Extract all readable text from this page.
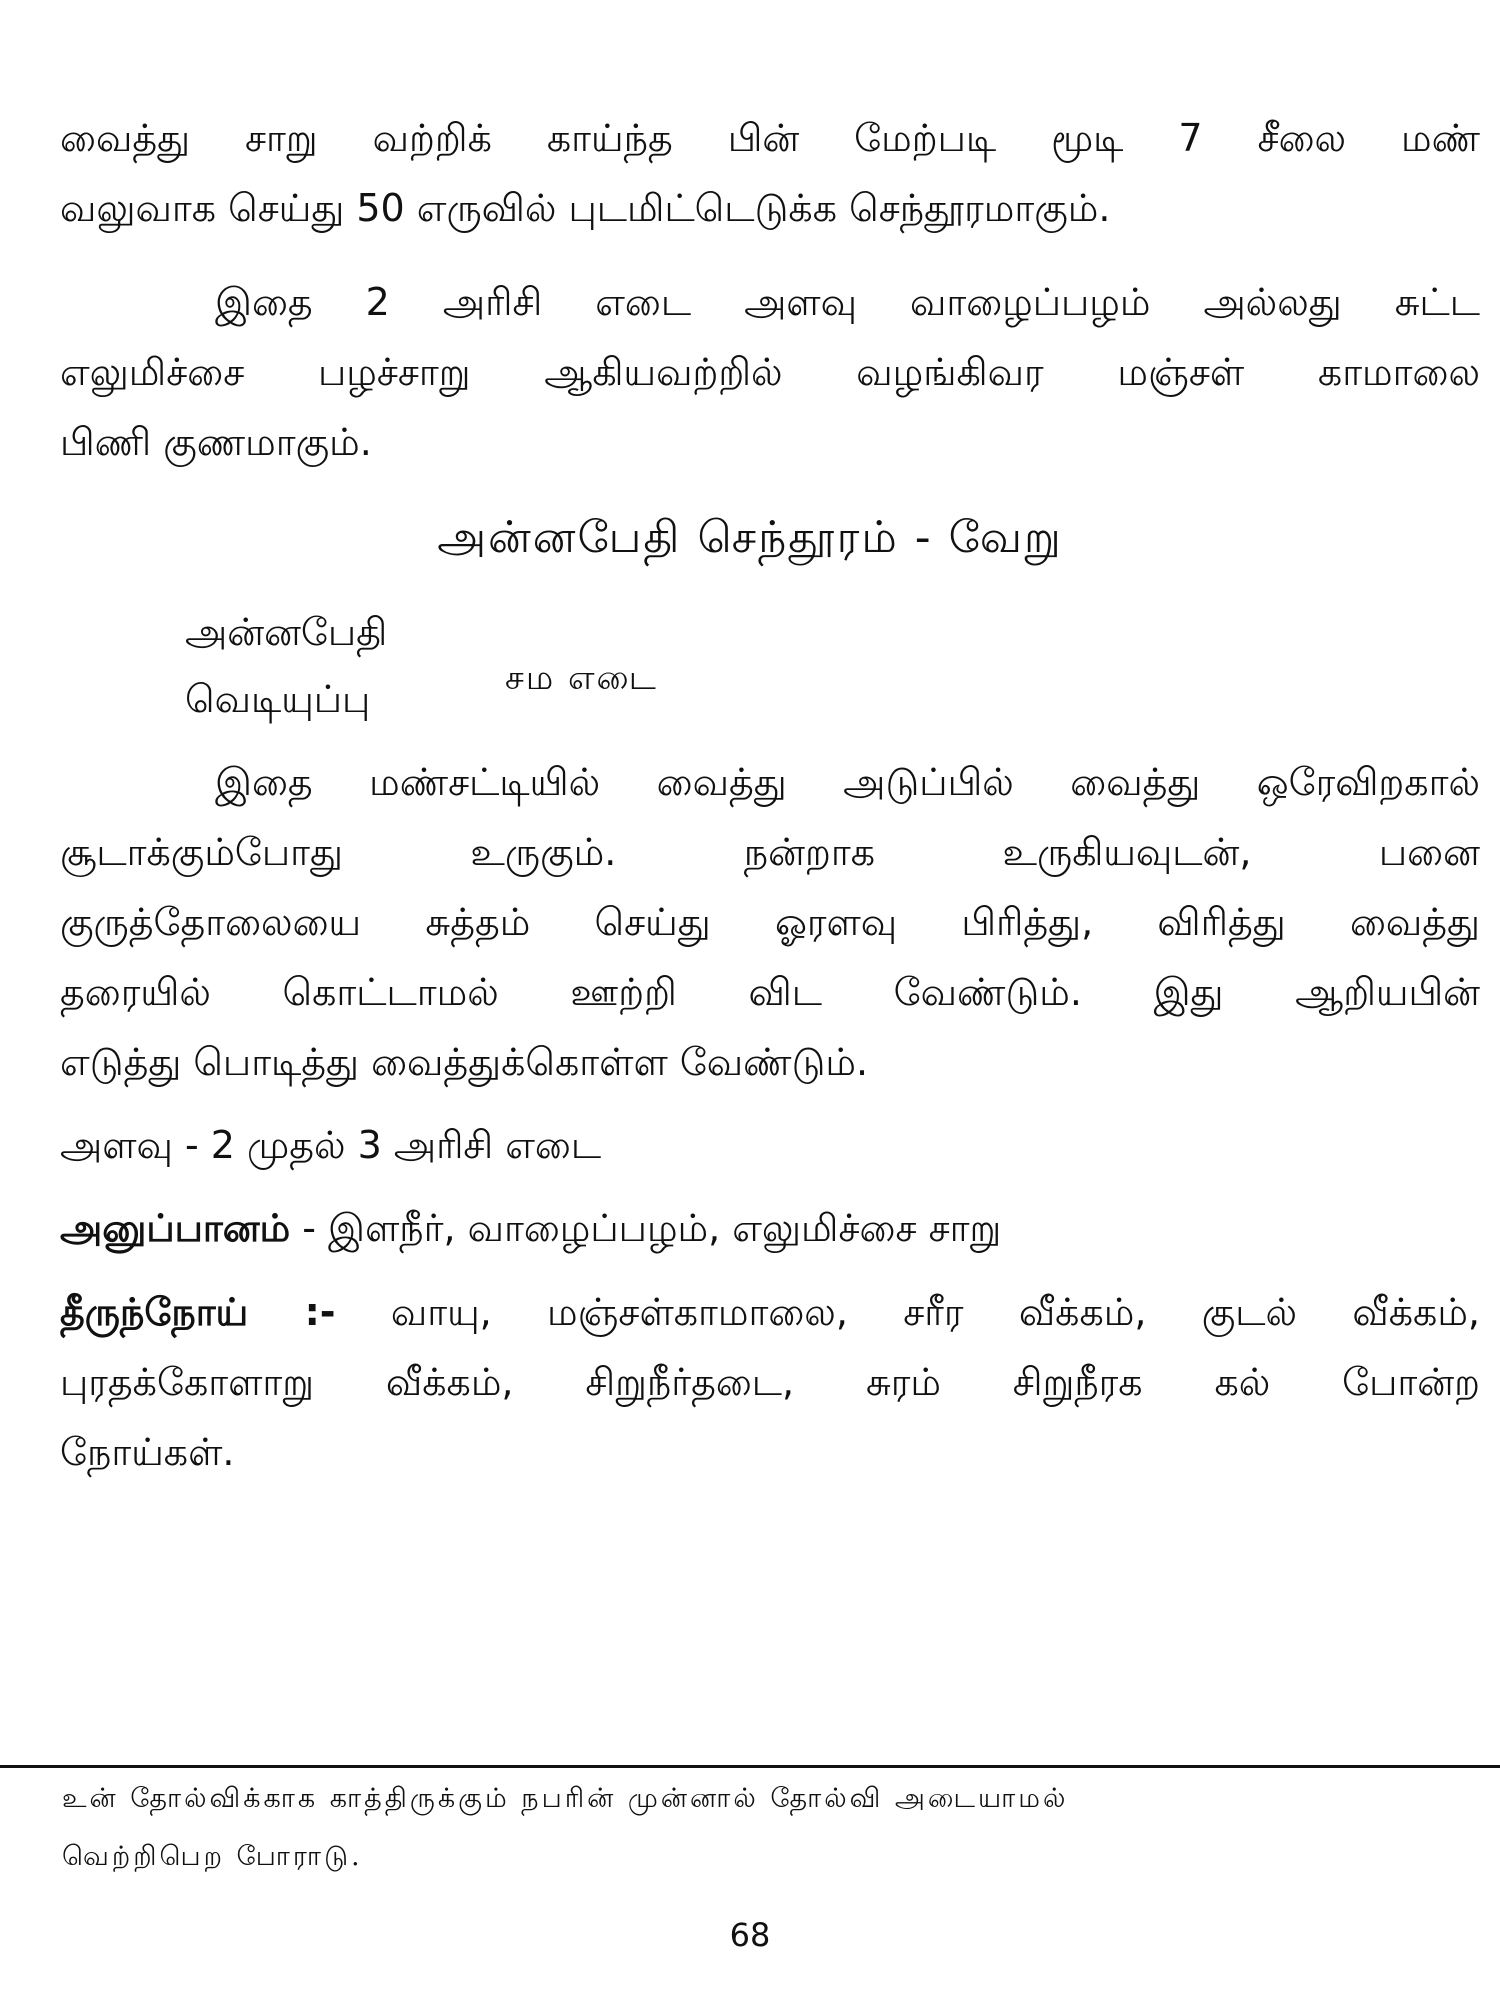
வைத்து சாறு வற்றிக் காய்ந்த பின் மேற்படி மூடி 7 சீலை மண்
வலுவாக செய்து 50 எருவில் புடமிட்டெடுக்க செந்தூரமாகும்.
இதை 2 அரிசி எடை அளவு வாழைப்பழம் அல்லது சுட்ட
எலுமிச்சை பழச்சாறு ஆகியவற்றில் வழங்கிவர மஞ்சள் காமாலை
பிணி குணமாகும்.
அன்னபேதி செந்தூரம் - வேறு
அன்னபேதி
வெடியுப்பு	சம எடை
இதை மண்சட்டியில் வைத்து அடுப்பில் வைத்து ஒரேவிறகால்
சூடாக்கும்போது உருகும். நன்றாக உருகியவுடன், பனை
குருத்தோலையை சுத்தம் செய்து ஓரளவு பிரித்து, விரித்து வைத்து
தரையில் கொட்டாமல் ஊற்றி விட வேண்டும். இது ஆறியபின்
எடுத்து பொடித்து வைத்துக்கொள்ள வேண்டும்.
அளவு - 2 முதல் 3 அரிசி எடை
அனுப்பானம் - இளநீர், வாழைப்பழம், எலுமிச்சை சாறு
தீருந்நோய் :- வாயு, மஞ்சள்காமாலை, சரீர வீக்கம், குடல் வீக்கம்,
புரதக்கோளாறு வீக்கம், சிறுநீர்தடை, சுரம் சிறுநீரக கல் போன்ற
நோய்கள்.
உன் தோல்விக்காக காத்திருக்கும் நபரின் முன்னால் தோல்வி அடையாமல்
வெற்றிபெற போராடு.
68
